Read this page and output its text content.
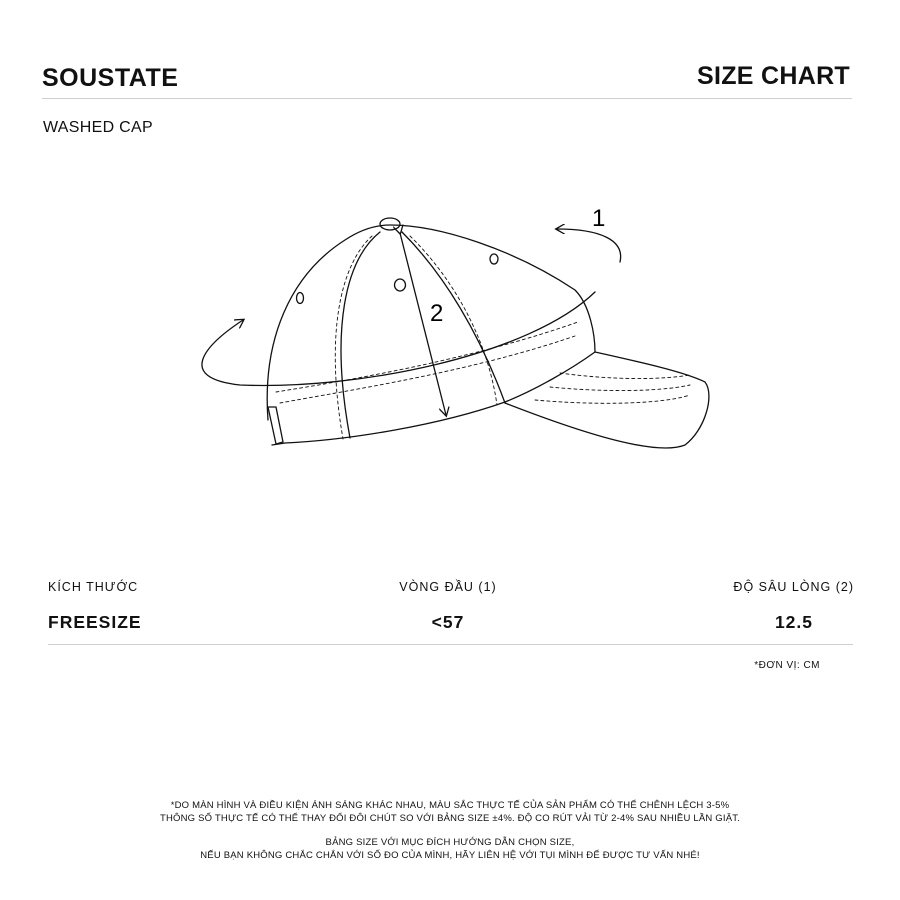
SOUSTATE	SIZE CHART
WASHED CAP
1
2
KÍCH THƯỚC	VÒNG ĐẦU (1)	ĐỘ SÂU LÒNG (2)
FREESIZE	<57	12.5
*ĐƠN VỊ: CM

*DO MÀN HÌNH VÀ ĐIỀU KIỆN ÁNH SÁNG KHÁC NHAU, MÀU SẮC THỰC TẾ CỦA SẢN PHẨM CÓ THỂ CHÊNH LỆCH 3-5%

THÔNG SỐ THỰC TẾ CÓ THỂ THAY ĐỔI ĐÔI CHÚT SO VỚI BẢNG SIZE ±4%. ĐỘ CO RÚT VẢI TỪ 2-4% SAU NHIỀU LẦN GIẶT.

BẢNG SIZE VỚI MỤC ĐÍCH HƯỚNG DẪN CHỌN SIZE,

NẾU BẠN KHÔNG CHẮC CHẮN VỚI SỐ ĐO CỦA MÌNH, HÃY LIÊN HỆ VỚI TỤI MÌNH ĐỂ ĐƯỢC TƯ VẤN NHÉ!
